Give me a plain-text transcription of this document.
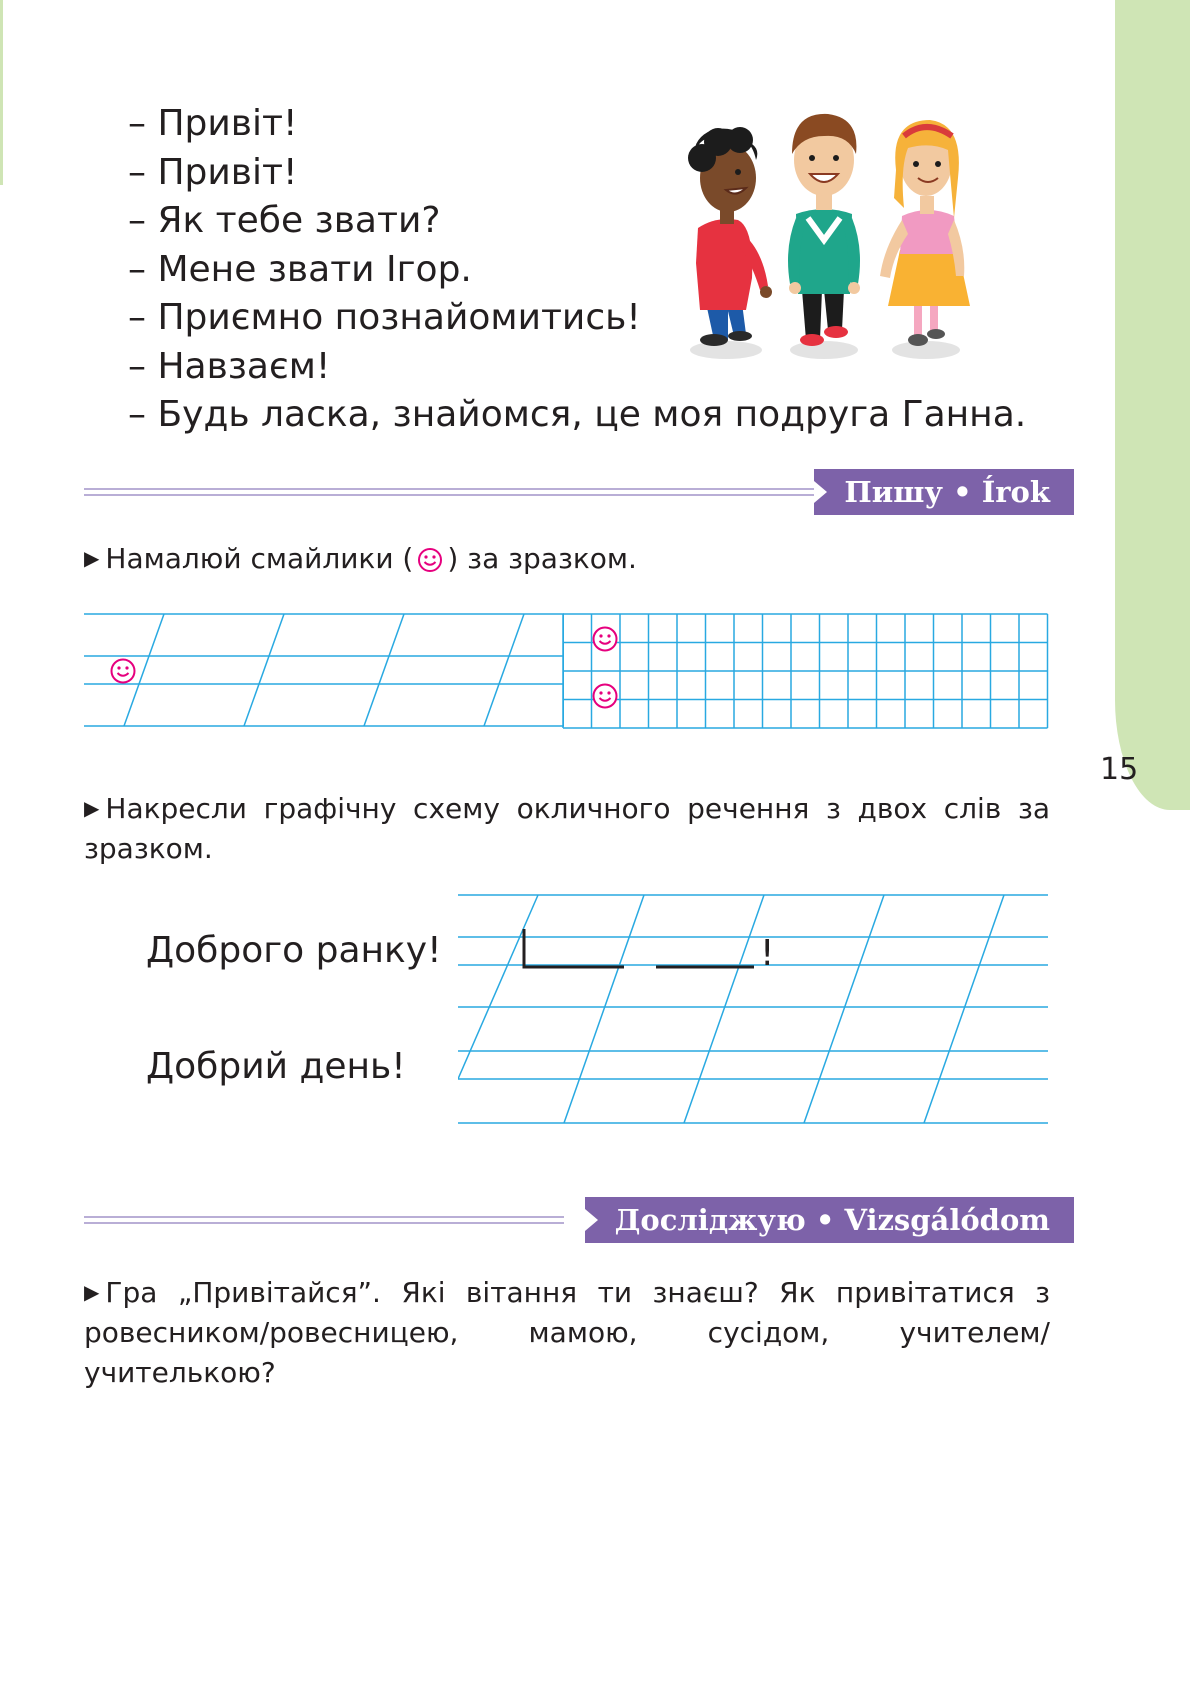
15
– Привіт!
– Привіт!
– Як тебе звати?
– Мене звати Ігор.
– Приємно познайомитись!
– Навзаєм!
– Будь ласка, знайомся, це моя подруга Ганна.
Пишу • Írok
▶ Намалюй смайлики ( ) за зразком.
▶ Накресли графічну схему окличного речення з двох слів за зразком.
Доброго ранку!
Добрий день!
!
Досліджую • Vizsgálódom
▶ Гра „Привітайся”. Які вітання ти знаєш? Як привітатися з ровесником/ровесницею, мамою, сусідом, учителем/учителькою?
